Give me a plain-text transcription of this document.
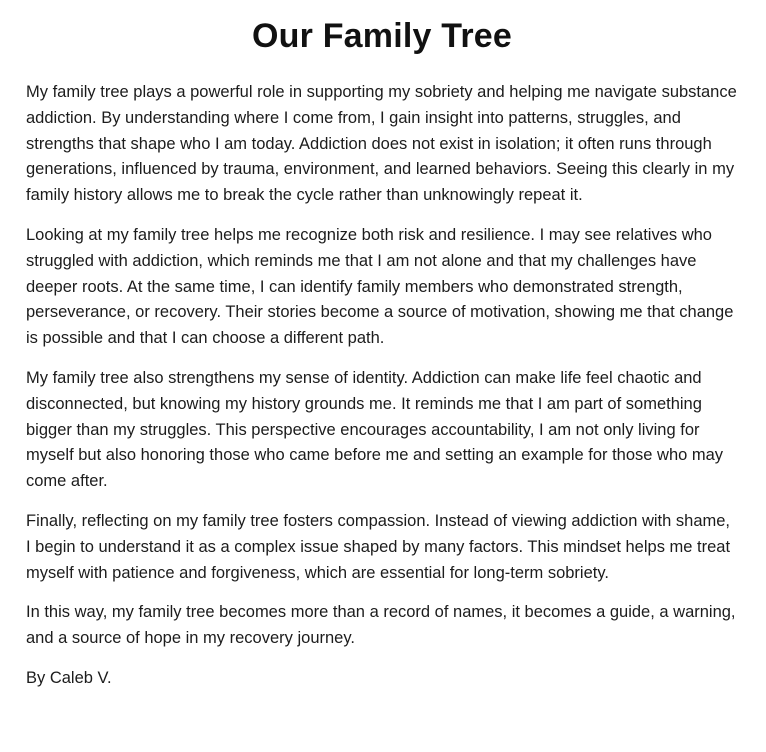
Our Family Tree

My family tree plays a powerful role in supporting my sobriety and helping me navigate substance addiction. By understanding where I come from, I gain insight into patterns, struggles, and strengths that shape who I am today. Addiction does not exist in isolation; it often runs through generations, influenced by trauma, environment, and learned behaviors. Seeing this clearly in my family history allows me to break the cycle rather than unknowingly repeat it.

Looking at my family tree helps me recognize both risk and resilience. I may see relatives who struggled with addiction, which reminds me that I am not alone and that my challenges have deeper roots. At the same time, I can identify family members who demonstrated strength, perseverance, or recovery. Their stories become a source of motivation, showing me that change is possible and that I can choose a different path.

My family tree also strengthens my sense of identity. Addiction can make life feel chaotic and disconnected, but knowing my history grounds me. It reminds me that I am part of something bigger than my struggles. This perspective encourages accountability, I am not only living for myself but also honoring those who came before me and setting an example for those who may come after.

Finally, reflecting on my family tree fosters compassion. Instead of viewing addiction with shame, I begin to understand it as a complex issue shaped by many factors. This mindset helps me treat myself with patience and forgiveness, which are essential for long-term sobriety.

In this way, my family tree becomes more than a record of names, it becomes a guide, a warning, and a source of hope in my recovery journey.

By Caleb V.
